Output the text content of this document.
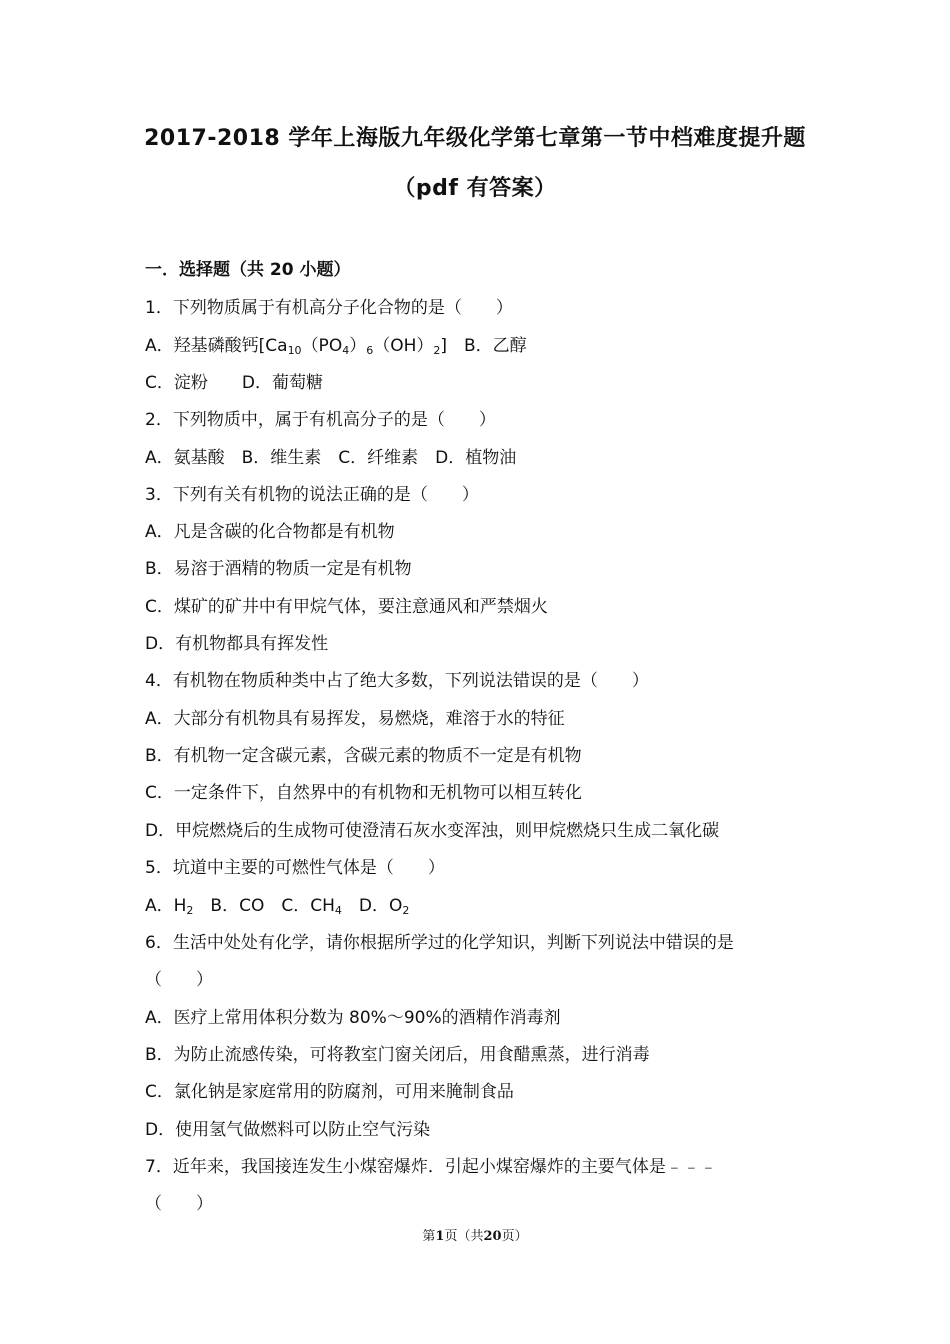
2017-2018 学年上海版九年级化学第七章第一节中档难度提升题
（pdf 有答案）
一．选择题（共 20 小题）
1．下列物质属于有机高分子化合物的是（　　）
A．羟基磷酸钙$[Ca_{10}(PO_4)_6(OH)_2]$　B．乙醇
C．淀粉　　D．葡萄糖
2．下列物质中，属于有机高分子的是（　　）
A．氨基酸　B．维生素　C．纤维素　D．植物油
3．下列有关有机物的说法正确的是（　　）
A．凡是含碳的化合物都是有机物
B．易溶于酒精的物质一定是有机物
C．煤矿的矿井中有甲烷气体，要注意通风和严禁烟火
D．有机物都具有挥发性
4．有机物在物质种类中占了绝大多数，下列说法错误的是（　　）
A．大部分有机物具有易挥发，易燃烧，难溶于水的特征
B．有机物一定含碳元素，含碳元素的物质不一定是有机物
C．一定条件下，自然界中的有机物和无机物可以相互转化
D．甲烷燃烧后的生成物可使澄清石灰水变浑浊，则甲烷燃烧只生成二氧化碳
5．坑道中主要的可燃性气体是（　　）
A．$H_2$　B．CO　C．$CH_4$　D．$O_2$
6．生活中处处有化学，请你根据所学过的化学知识，判断下列说法中错误的是
（　　）
A．医疗上常用体积分数为 80%～90%的酒精作消毒剂
B．为防止流感传染，可将教室门窗关闭后，用食醋熏蒸，进行消毒
C．氯化钠是家庭常用的防腐剂，可用来腌制食品
D．使用氢气做燃料可以防止空气污染
7．近年来，我国接连发生小煤窑爆炸．引起小煤窑爆炸的主要气体是﹣﹣﹣
（　　）
第1页（共20页）
